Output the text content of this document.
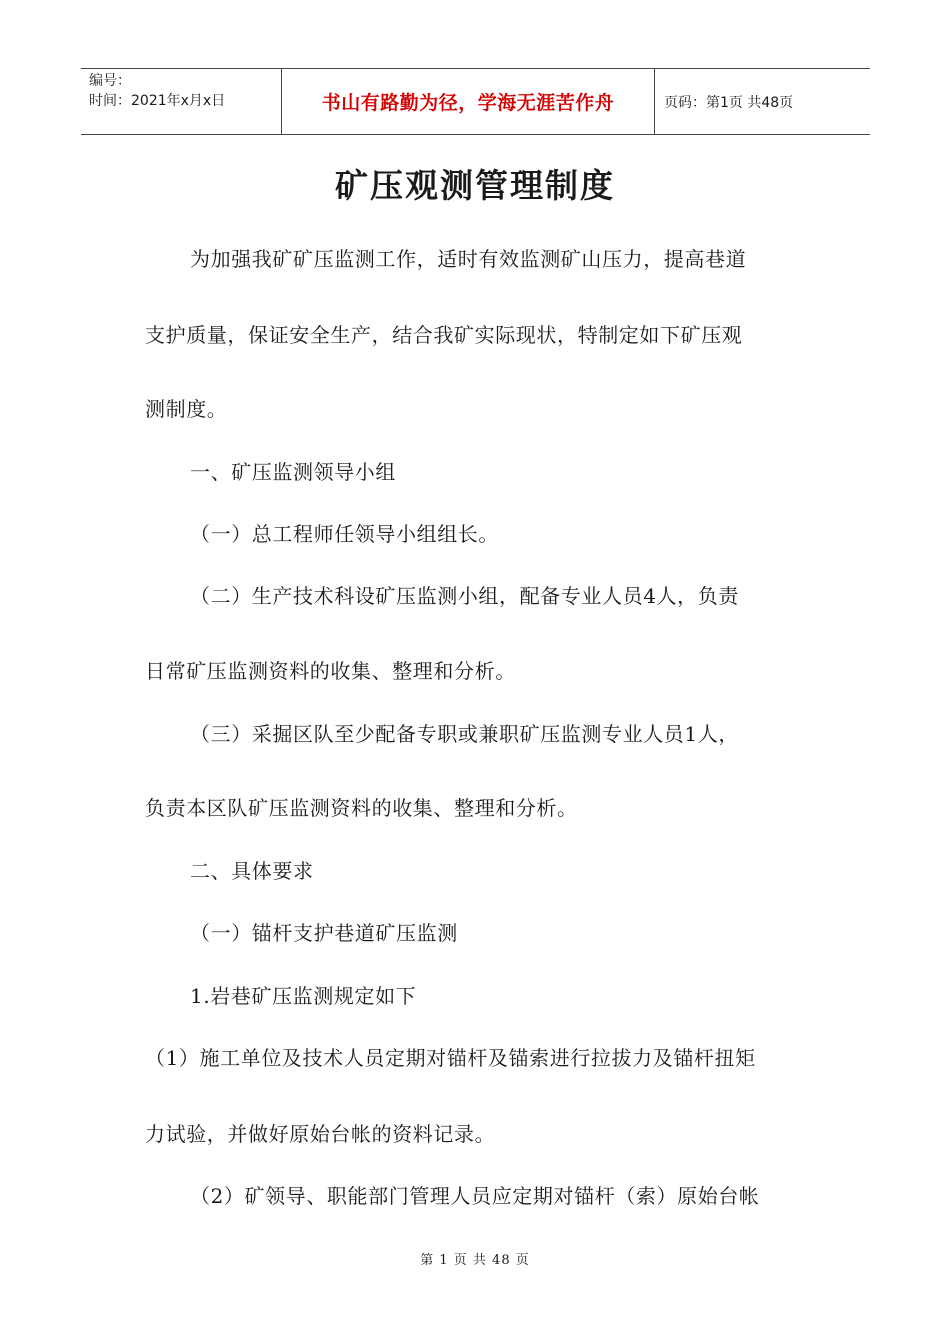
编号：
时间：2021年x月x日	书山有路勤为径，学海无涯苦作舟	页码：第1页 共48页
矿压观测管理制度
为加强我矿矿压监测工作，适时有效监测矿山压力，提高巷道
支护质量，保证安全生产，结合我矿实际现状，特制定如下矿压观
测制度。
一、矿压监测领导小组
（一）总工程师任领导小组组长。
（二）生产技术科设矿压监测小组，配备专业人员4人，负责
日常矿压监测资料的收集、整理和分析。
（三）采掘区队至少配备专职或兼职矿压监测专业人员1人，
负责本区队矿压监测资料的收集、整理和分析。
二、具体要求
（一）锚杆支护巷道矿压监测
1.岩巷矿压监测规定如下
（1）施工单位及技术人员定期对锚杆及锚索进行拉拔力及锚杆扭矩
力试验，并做好原始台帐的资料记录。
（2）矿领导、职能部门管理人员应定期对锚杆（索）原始台帐
第 1 页 共 48 页
